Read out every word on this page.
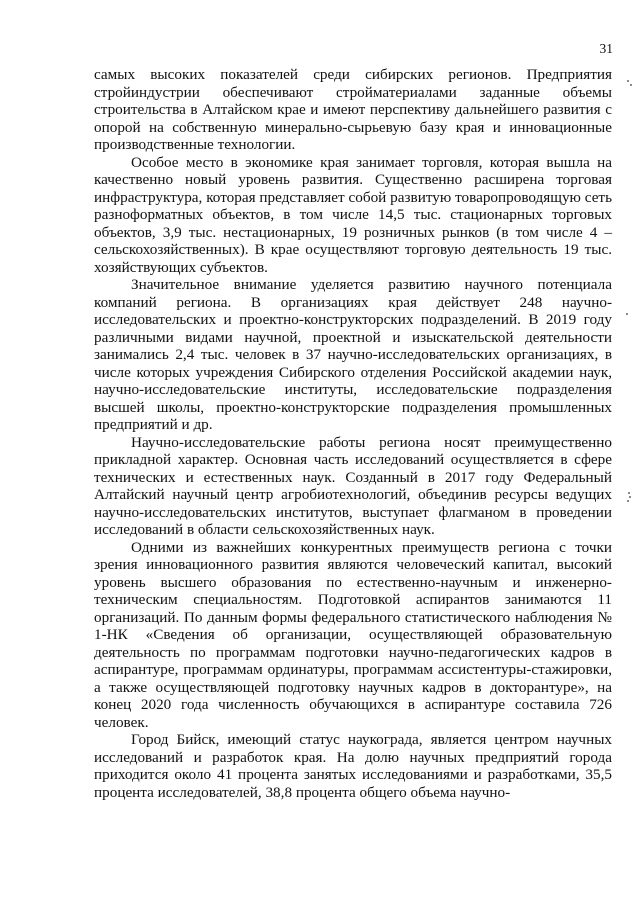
31

самых высоких показателей среди сибирских регионов. Предприятия стройиндустрии обеспечивают стройматериалами заданные объемы строительства в Алтайском крае и имеют перспективу дальнейшего развития с опорой на собственную минерально-сырьевую базу края и инновационные производственные технологии.

Особое место в экономике края занимает торговля, которая вышла на качественно новый уровень развития. Существенно расширена торговая инфраструктура, которая представляет собой развитую товаропроводящую сеть разноформатных объектов, в том числе 14,5 тыс. стационарных торговых объектов, 3,9 тыс. нестационарных, 19 розничных рынков (в том числе 4 – сельскохозяйственных). В крае осуществляют торговую деятельность 19 тыс. хозяйствующих субъектов.

Значительное внимание уделяется развитию научного потенциала компаний региона. В организациях края действует 248 научно-исследовательских и проектно-конструкторских подразделений. В 2019 году различными видами научной, проектной и изыскательской деятельности занимались 2,4 тыс. человек в 37 научно-исследовательских организациях, в числе которых учреждения Сибирского отделения Российской академии наук, научно-исследовательские институты, исследовательские подразделения высшей школы, проектно-конструкторские подразделения промышленных предприятий и др.

Научно-исследовательские работы региона носят преимущественно прикладной характер. Основная часть исследований осуществляется в сфере технических и естественных наук. Созданный в 2017 году Федеральный Алтайский научный центр агробиотехнологий, объединив ресурсы ведущих научно-исследовательских институтов, выступает флагманом в проведении исследований в области сельскохозяйственных наук.

Одними из важнейших конкурентных преимуществ региона с точки зрения инновационного развития являются человеческий капитал, высокий уровень высшего образования по естественно-научным и инженерно-техническим специальностям. Подготовкой аспирантов занимаются 11 организаций. По данным формы федерального статистического наблюдения № 1-НК «Сведения об организации, осуществляющей образовательную деятельность по программам подготовки научно-педагогических кадров в аспирантуре, программам ординатуры, программам ассистентуры-стажировки, а также осуществляющей подготовку научных кадров в докторантуре», на конец 2020 года численность обучающихся в аспирантуре составила 726 человек.

Город Бийск, имеющий статус наукограда, является центром научных исследований и разработок края. На долю научных предприятий города приходится около 41 процента занятых исследованиями и разработками, 35,5 процента исследователей, 38,8 процента общего объема научно-
